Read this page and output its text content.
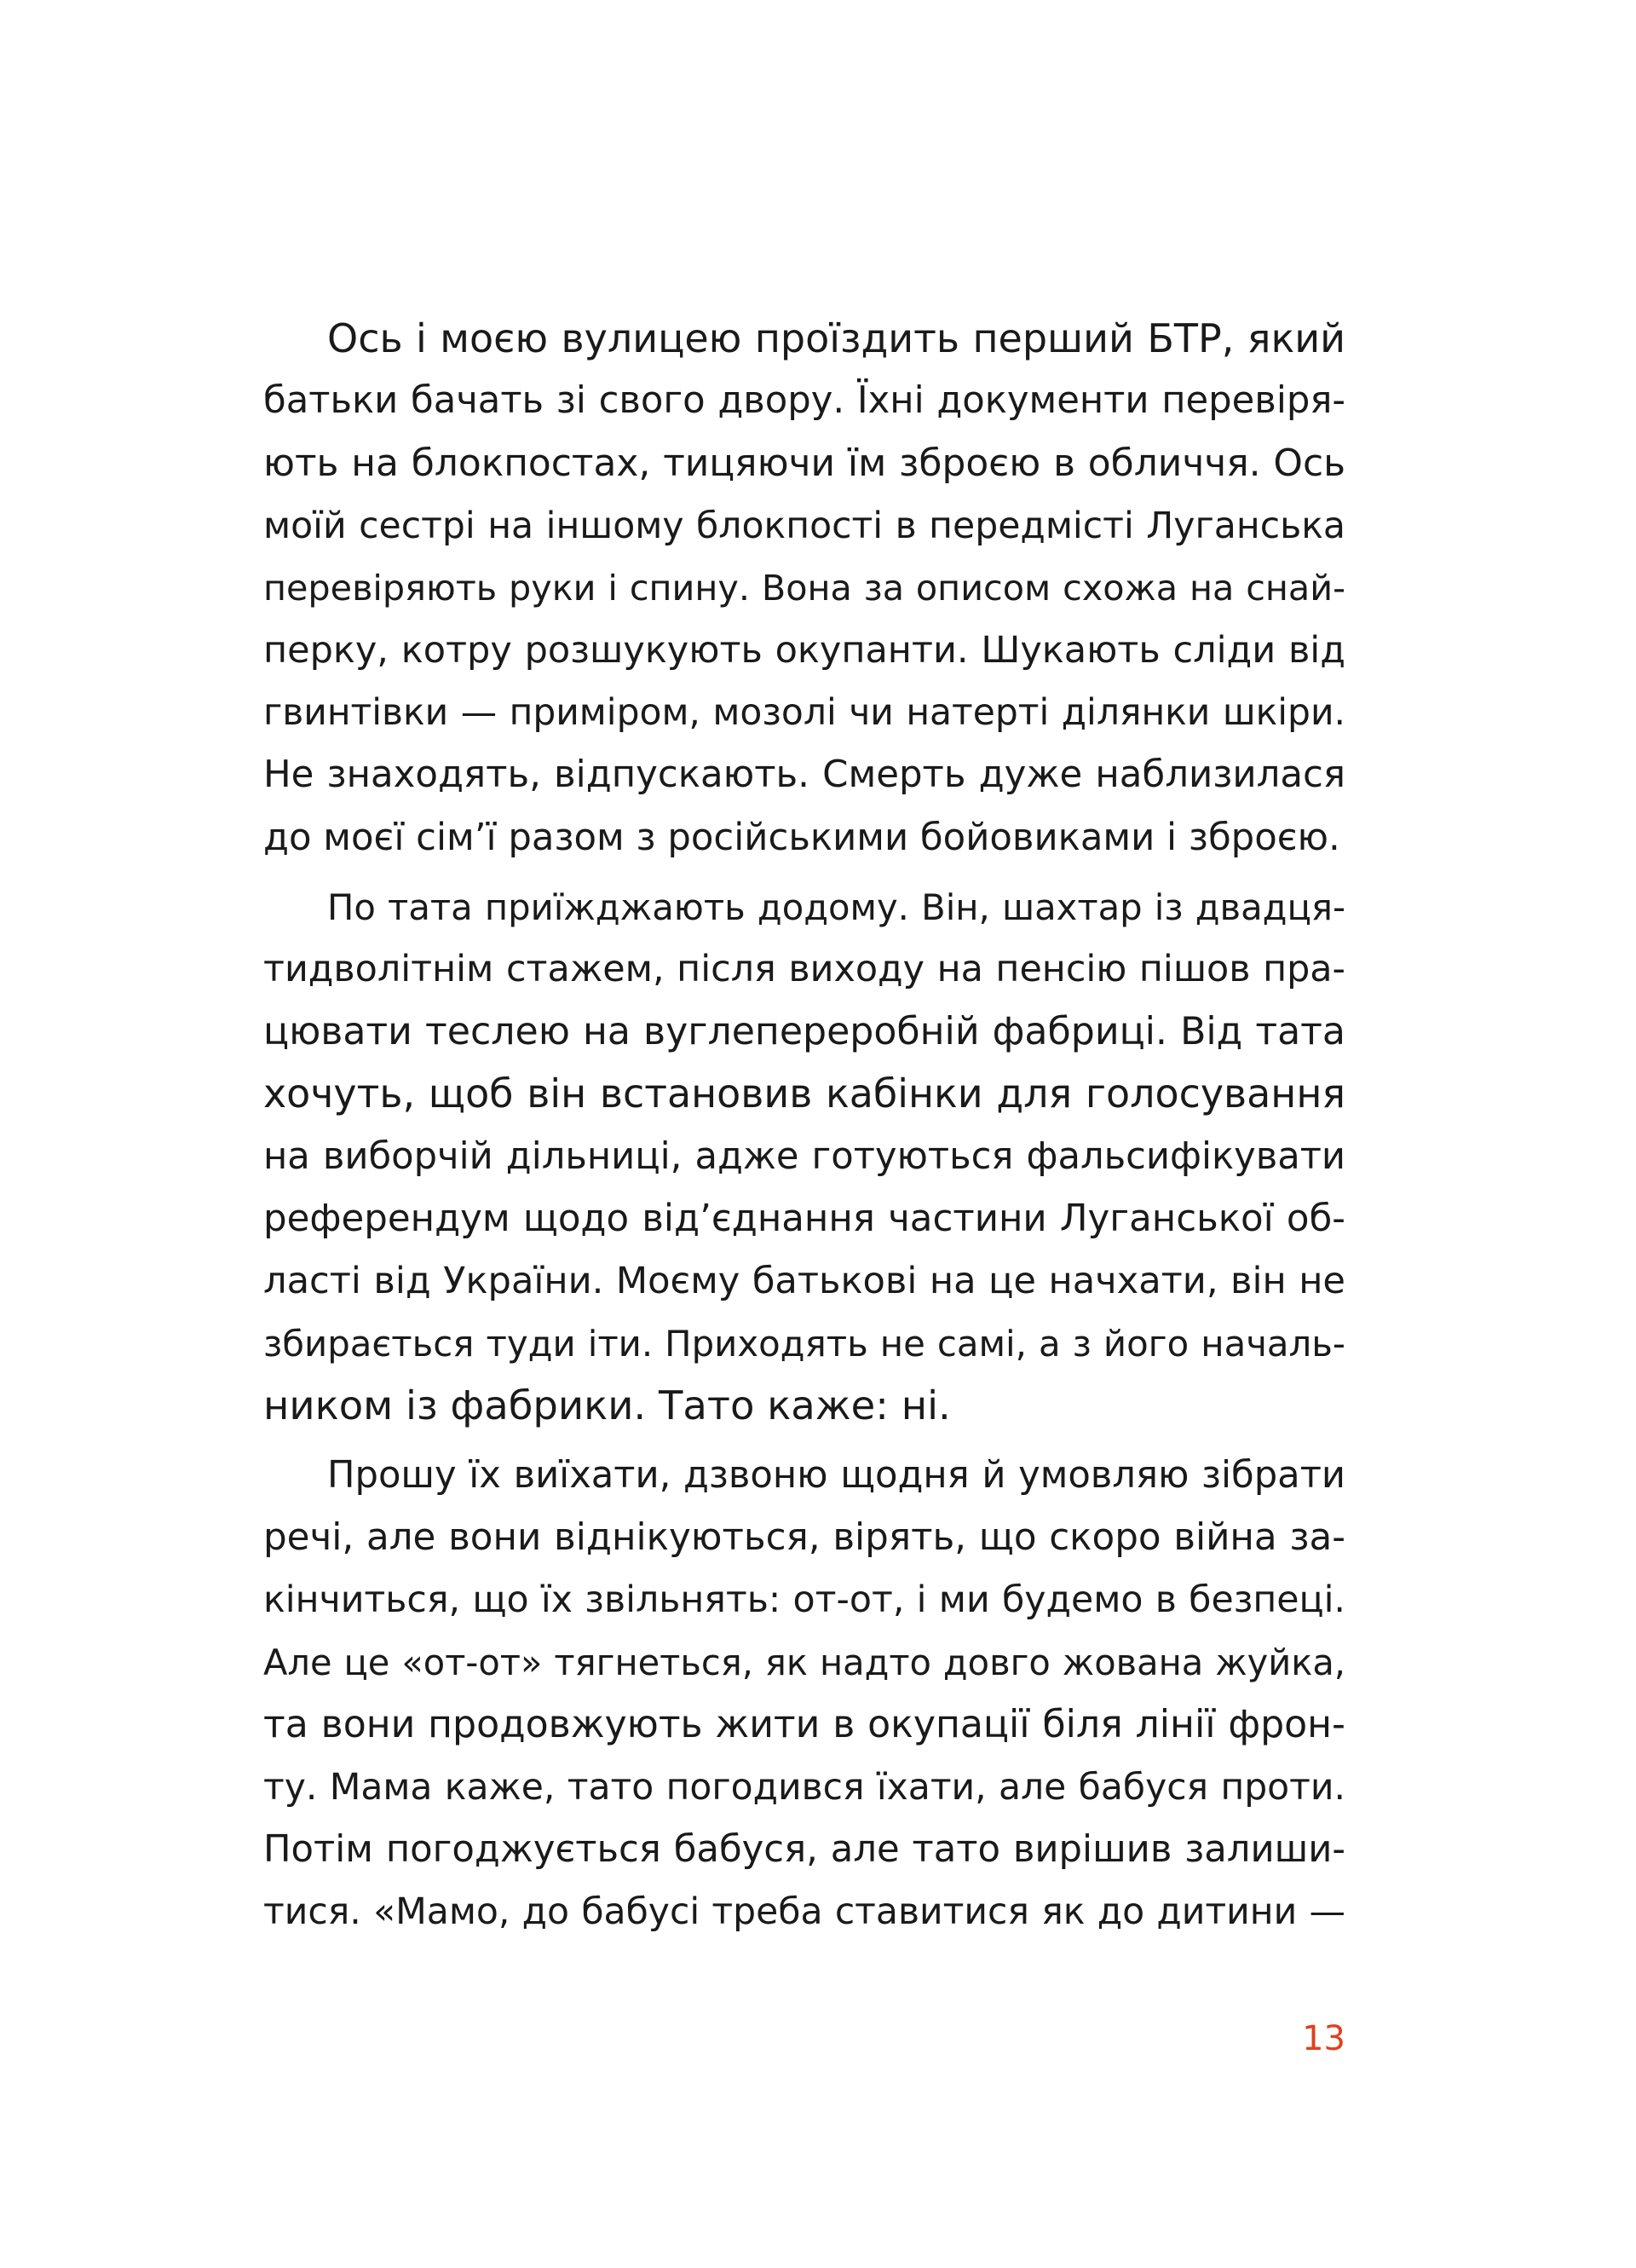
Ось і моєю вулицею проїздить перший БТР, який
батьки бачать зі свого двору. Їхні документи перевіря-
ють на блокпостах, тицяючи їм зброєю в обличчя. Ось
моїй сестрі на іншому блокпості в передмісті Луганська
перевіряють руки і спину. Вона за описом схожа на снай-
перку, котру розшукують окупанти. Шукають сліди від
гвинтівки — приміром, мозолі чи натерті ділянки шкіри.
Не знаходять, відпускають. Смерть дуже наблизилася
до моєї сім’ї разом з російськими бойовиками і зброєю.
По тата приїжджають додому. Він, шахтар із двадця-
тидволітнім стажем, після виходу на пенсію пішов пра-
цювати теслею на вуглепереробній фабриці. Від тата
хочуть, щоб він встановив кабінки для голосування
на виборчій дільниці, адже готуються фальсифікувати
референдум щодо від’єднання частини Луганської об-
ласті від України. Моєму батькові на це начхати, він не
збирається туди іти. Приходять не самі, а з його началь-
ником із фабрики. Тато каже: ні.
Прошу їх виїхати, дзвоню щодня й умовляю зібрати
речі, але вони віднікуються, вірять, що скоро війна за-
кінчиться, що їх звільнять: от-от, і ми будемо в безпеці.
Але це «от-от» тягнеться, як надто довго жована жуйка,
та вони продовжують жити в окупації біля лінії фрон-
ту. Мама каже, тато погодився їхати, але бабуся проти.
Потім погоджується бабуся, але тато вирішив залиши-
тися. «Мамо, до бабусі треба ставитися як до дитини —
13
